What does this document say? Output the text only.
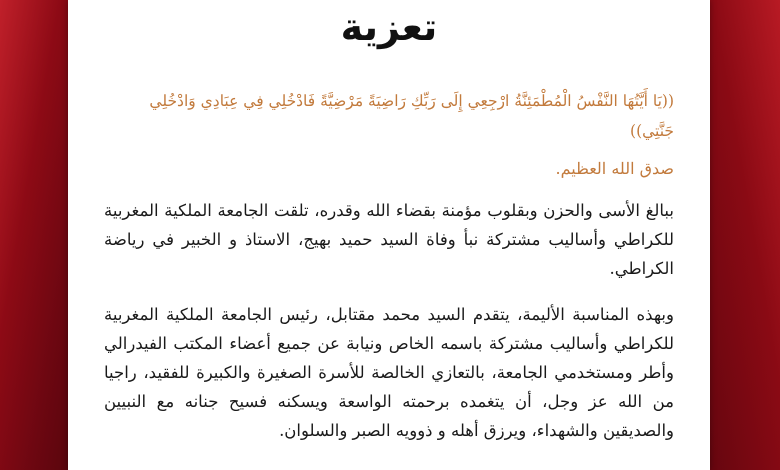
تعزية
((يَا أَيَّتُهَا النَّفْسُ الْمُطْمَئِنَّةُ ارْجِعِي إِلَى رَبِّكِ رَاضِيَةً مَرْضِيَّةً فَادْخُلِي فِي عِبَادِي وَادْخُلِي جَنَّتِي))
صدق الله العظيم.

ببالغ الأسى والحزن وبقلوب مؤمنة بقضاء الله وقدره، تلقت الجامعة الملكية المغربية للكراطي وأساليب مشتركة نبأ وفاة السيد حميد بهيج، الاستاذ و الخبير في رياضة الكراطي.

وبهذه المناسبة الأليمة، يتقدم السيد محمد مقتابل، رئيس الجامعة الملكية المغربية للكراطي وأساليب مشتركة باسمه الخاص ونيابة عن جميع أعضاء المكتب الفيدرالي وأطر ومستخدمي الجامعة، بالتعازي الخالصة للأسرة الصغيرة والكبيرة للفقيد، راجيا من الله عز وجل، أن يتغمده برحمته الواسعة ويسكنه فسيح جنانه مع النبيين والصديقين والشهداء، ويرزق أهله و ذوويه الصبر والسلوان.
